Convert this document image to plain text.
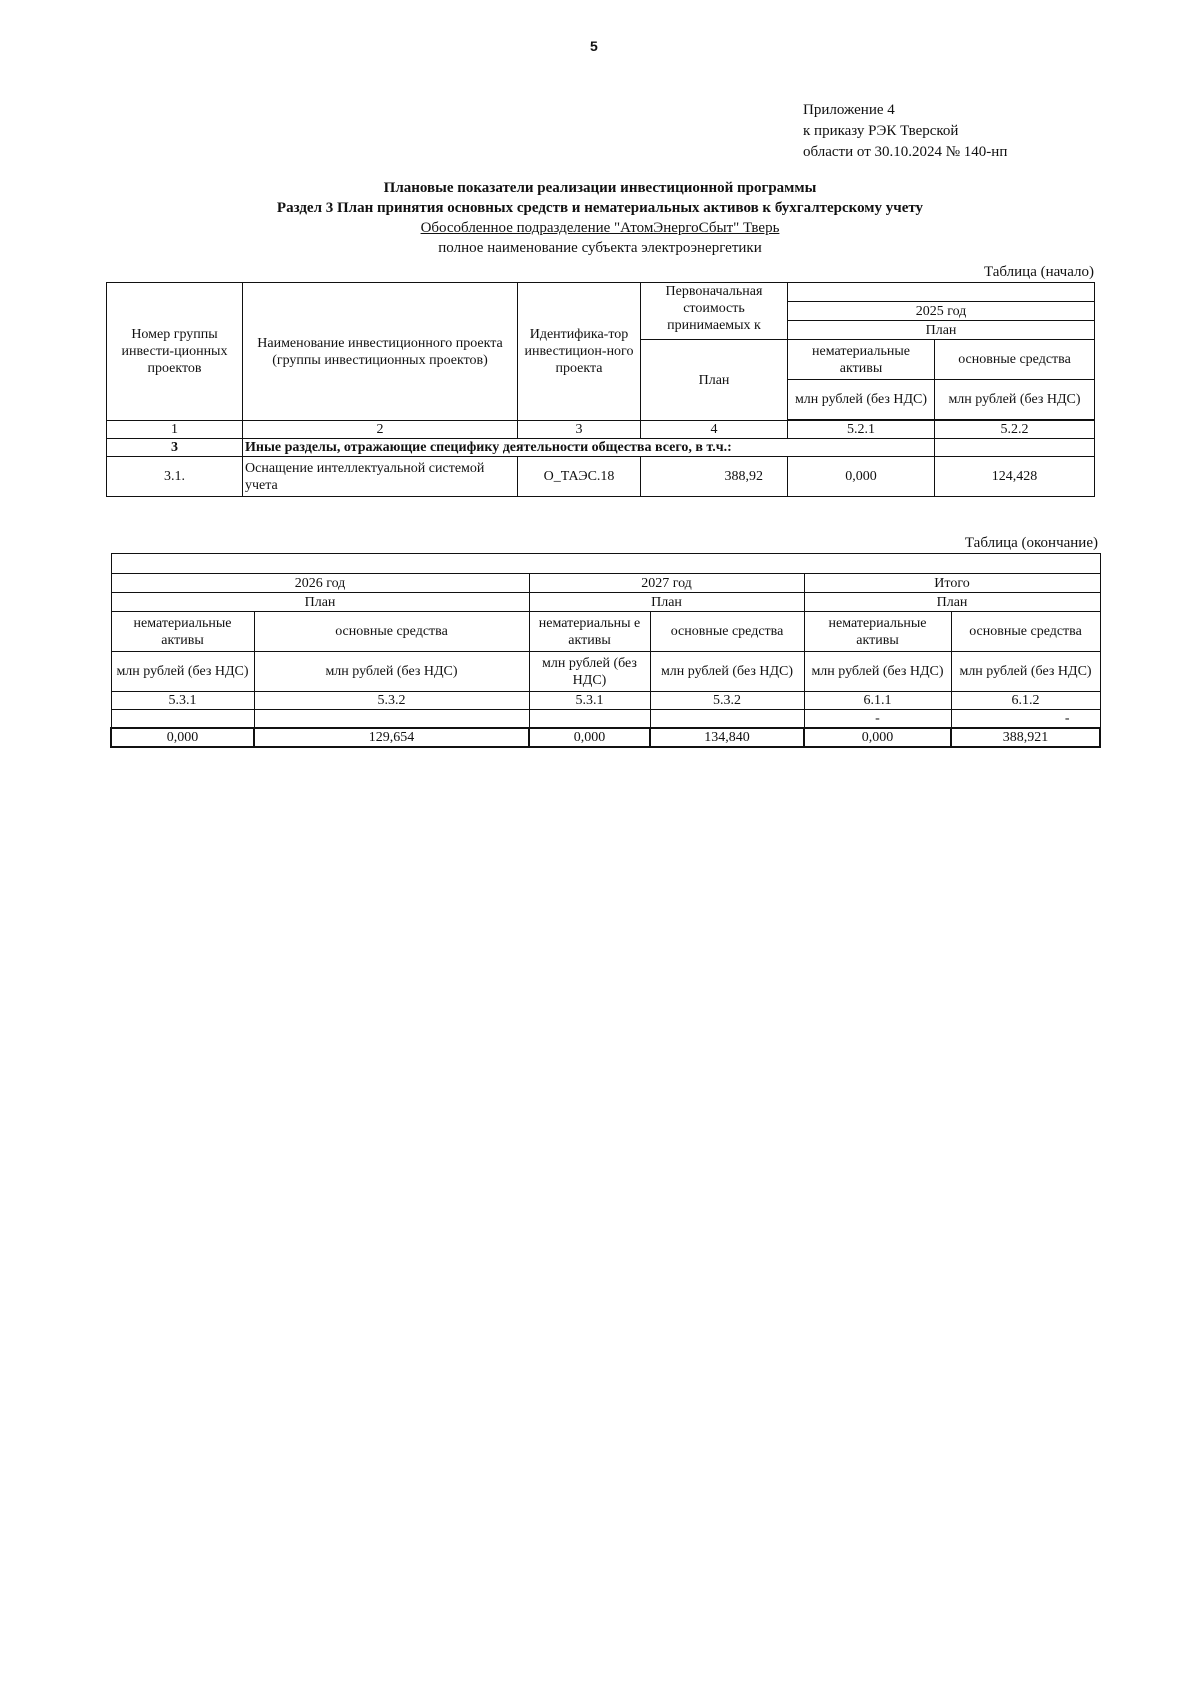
5
Приложение 4
к приказу РЭК Тверской
области от 30.10.2024 № 140-нп
Плановые показатели реализации инвестиционной программы
Раздел 3 План принятия основных средств и нематериальных активов к бухгалтерскому учету
Обособленное подразделение "АтомЭнергоСбыт" Тверь
полное наименование субъекта электроэнергетики
Таблица (начало)
Номер группы инвести-ционных проектов	Наименование инвестиционного проекта (группы инвестиционных проектов)	Идентифика-тор инвестицион-ного проекта	Первоначальная стоимость принимаемых к		
				2025 год	
				План	
			План	нематериальные активы	основные средства
				млн рублей (без НДС)	млн рублей (без НДС)

1	2	3	4	5.2.1	5.2.2
3	Иные разделы, отражающие специфику деятельности общества всего, в т.ч.:				
3.1.	Оснащение интеллектуальной системой учета	O_ТАЭС.18	388,92	0,000	124,428
Таблица (окончание)

2026 год		2027 год		Итого	
План		План		План	
нематериальные активы	основные средства	нематериальны е активы	основные средства	нематериальные активы	основные средства
млн рублей (без НДС)	млн рублей (без НДС)	млн рублей (без НДС)	млн рублей (без НДС)	млн рублей (без НДС)	млн рублей (без НДС)
5.3.1	5.3.2	5.3.1	5.3.2	6.1.1	6.1.2
				-	-
0,000	129,654	0,000	134,840	0,000	388,921
